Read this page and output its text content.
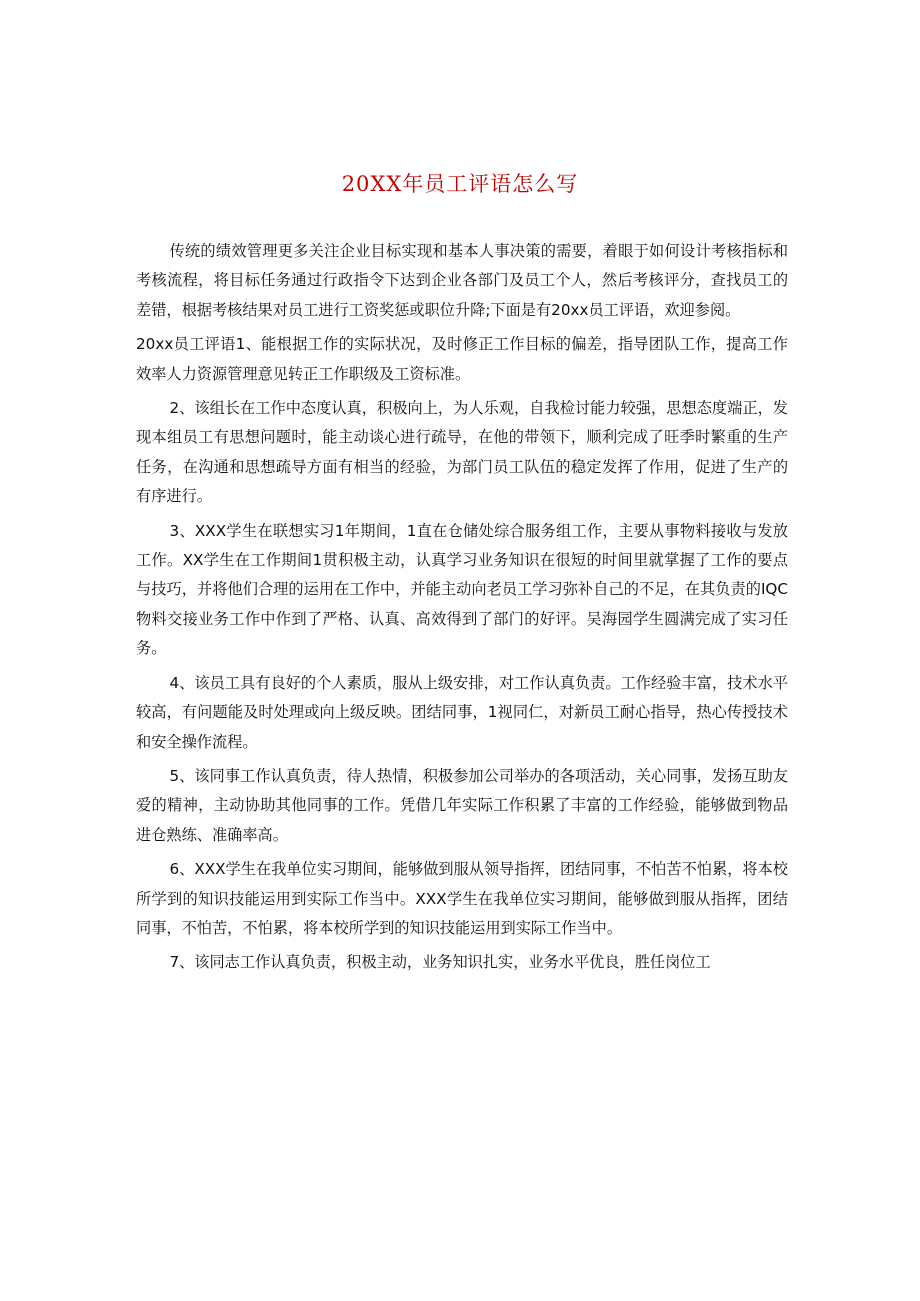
20XX年员工评语怎么写

传统的绩效管理更多关注企业目标实现和基本人事决策的需要，着眼于如何设计考核指标和考核流程，将目标任务通过行政指令下达到企业各部门及员工个人，然后考核评分，查找员工的差错，根据考核结果对员工进行工资奖惩或职位升降;下面是有20xx员工评语，欢迎参阅。

20xx员工评语1、能根据工作的实际状况，及时修正工作目标的偏差，指导团队工作，提高工作效率人力资源管理意见转正工作职级及工资标准。

2、该组长在工作中态度认真，积极向上，为人乐观，自我检讨能力较强，思想态度端正，发现本组员工有思想问题时，能主动谈心进行疏导，在他的带领下，顺利完成了旺季时繁重的生产任务，在沟通和思想疏导方面有相当的经验，为部门员工队伍的稳定发挥了作用，促进了生产的有序进行。

3、XXX学生在联想实习1年期间，1直在仓储处综合服务组工作，主要从事物料接收与发放工作。XX学生在工作期间1贯积极主动，认真学习业务知识在很短的时间里就掌握了工作的要点与技巧，并将他们合理的运用在工作中，并能主动向老员工学习弥补自己的不足，在其负责的IQC物料交接业务工作中作到了严格、认真、高效得到了部门的好评。吴海园学生圆满完成了实习任务。

4、该员工具有良好的个人素质，服从上级安排，对工作认真负责。工作经验丰富，技术水平较高，有问题能及时处理或向上级反映。团结同事，1视同仁，对新员工耐心指导，热心传授技术和安全操作流程。

5、该同事工作认真负责，待人热情，积极参加公司举办的各项活动，关心同事，发扬互助友爱的精神，主动协助其他同事的工作。凭借几年实际工作积累了丰富的工作经验，能够做到物品进仓熟练、准确率高。

6、XXX学生在我单位实习期间，能够做到服从领导指挥，团结同事，不怕苦不怕累，将本校所学到的知识技能运用到实际工作当中。XXX学生在我单位实习期间，能够做到服从指挥，团结同事，不怕苦，不怕累，将本校所学到的知识技能运用到实际工作当中。

7、该同志工作认真负责，积极主动，业务知识扎实，业务水平优良，胜任岗位工
